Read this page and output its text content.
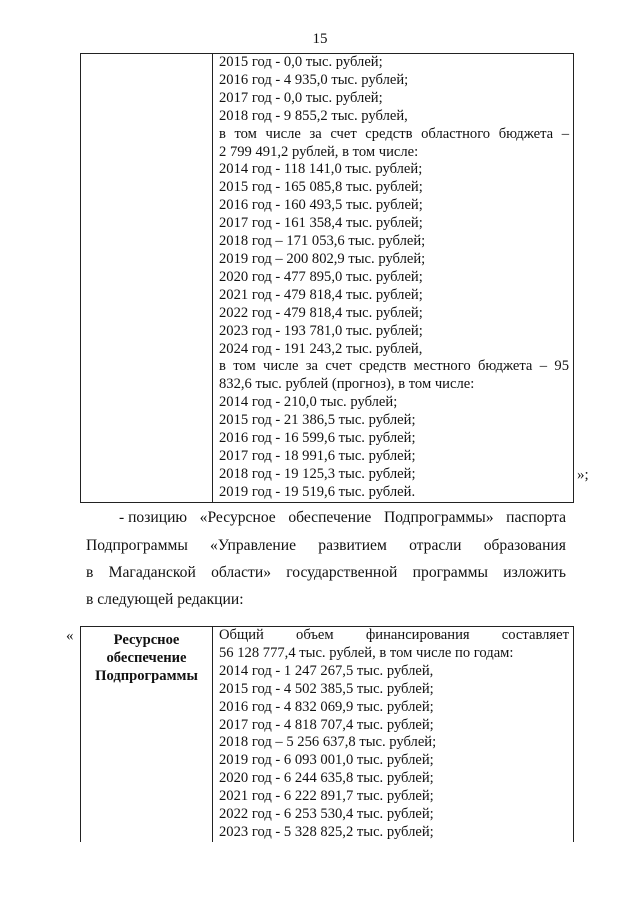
15

2015 год - 0,0 тыс. рублей;
2016 год - 4 935,0 тыс. рублей;
2017 год - 0,0 тыс. рублей;
2018 год - 9 855,2 тыс. рублей,
в том числе за счет средств областного бюджета –
2 799 491,2 рублей, в том числе:
2014 год - 118 141,0 тыс. рублей;
2015 год - 165 085,8 тыс. рублей;
2016 год - 160 493,5 тыс. рублей;
2017 год - 161 358,4 тыс. рублей;
2018 год – 171 053,6 тыс. рублей;
2019 год – 200 802,9 тыс. рублей;
2020 год - 477 895,0 тыс. рублей;
2021 год - 479 818,4 тыс. рублей;
2022 год - 479 818,4 тыс. рублей;
2023 год - 193 781,0 тыс. рублей;
2024 год - 191 243,2 тыс. рублей,
в том числе за счет средств местного бюджета – 95
832,6 тыс. рублей (прогноз), в том числе:
2014 год - 210,0 тыс. рублей;
2015 год - 21 386,5 тыс. рублей;
2016 год - 16 599,6 тыс. рублей;
2017 год - 18 991,6 тыс. рублей;
2018 год - 19 125,3 тыс. рублей;
2019 год - 19 519,6 тыс. рублей.
»;
- позицию «Ресурсное обеспечение Подпрограммы» паспорта
Подпрограммы «Управление развитием отрасли образования
в Магаданской области» государственной программы изложить
в следующей редакции:
«	Ресурсное
обеспечение
Подпрограммы

Общий объем финансирования составляет
56 128 777,4 тыс. рублей, в том числе по годам:
2014 год - 1 247 267,5 тыс. рублей,
2015 год - 4 502 385,5 тыс. рублей;
2016 год - 4 832 069,9 тыс. рублей;
2017 год - 4 818 707,4 тыс. рублей;
2018 год – 5 256 637,8 тыс. рублей;
2019 год - 6 093 001,0 тыс. рублей;
2020 год - 6 244 635,8 тыс. рублей;
2021 год - 6 222 891,7 тыс. рублей;
2022 год - 6 253 530,4 тыс. рублей;
2023 год - 5 328 825,2 тыс. рублей;
